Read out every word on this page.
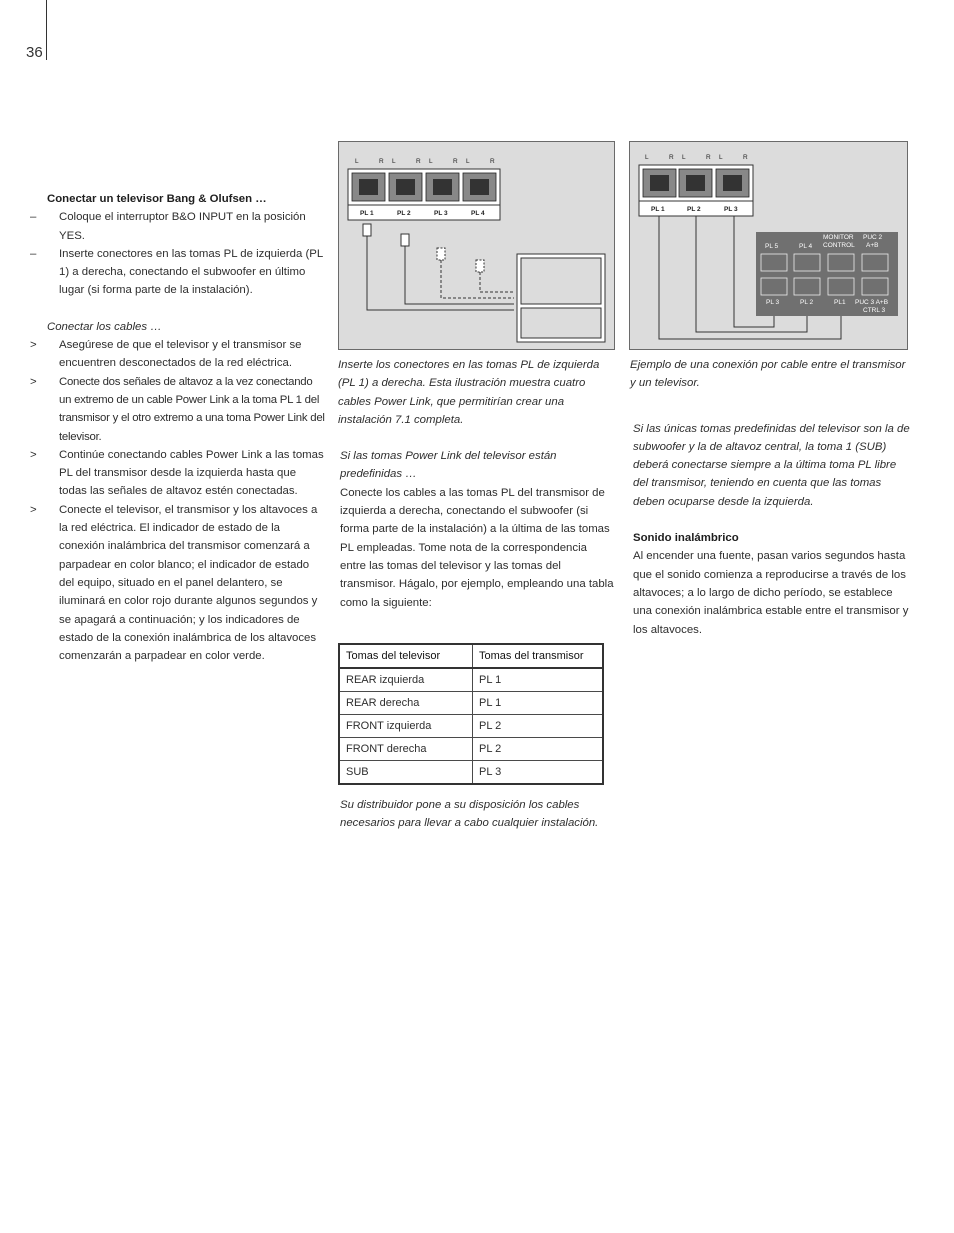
36
Conectar un televisor Bang & Olufsen …
– Coloque el interruptor B&O INPUT en la posición YES.
– Inserte conectores en las tomas PL de izquierda (PL 1) a derecha, conectando el subwoofer en último lugar (si forma parte de la instalación).
Conectar los cables …
> Asegúrese de que el televisor y el transmisor se encuentren desconectados de la red eléctrica.
> Conecte dos señales de altavoz a la vez conectando un extremo de un cable Power Link a la toma PL 1 del transmisor y el otro extremo a una toma Power Link del televisor.
> Continúe conectando cables Power Link a las tomas PL del transmisor desde la izquierda hasta que todas las señales de altavoz estén conectadas.
> Conecte el televisor, el transmisor y los altavoces a la red eléctrica. El indicador de estado de la conexión inalámbrica del transmisor comenzará a parpadear en color blanco; el indicador de estado del equipo, situado en el panel delantero, se iluminará en color rojo durante algunos segundos y se apagará a continuación; y los indicadores de estado de la conexión inalámbrica de los altavoces comenzarán a parpadear en color verde.
L	R L	R L	R L	R
PL 1	PL 2	PL 3	PL 4
L	R L	R L	R
PL 1	PL 2	PL 3
PL 5	PL 4
MONITOR
CONTROL
PUC 2
A+B
PL 3	PL 2	PL1 PUC 3 A+B
CTRL 3
Inserte los conectores en las tomas PL de izquierda (PL 1) a derecha. Esta ilustración muestra cuatro cables Power Link, que permitirían crear una instalación 7.1 completa.
Si las tomas Power Link del televisor están predefinidas …
Conecte los cables a las tomas PL del transmisor de izquierda a derecha, conectando el subwoofer (si forma parte de la instalación) a la última de las tomas PL empleadas. Tome nota de la correspondencia entre las tomas del televisor y las tomas del transmisor. Hágalo, por ejemplo, empleando una tabla como la siguiente:
Tomas del televisor	Tomas del transmisor
REAR izquierda	PL 1
REAR derecha	PL 1
FRONT izquierda	PL 2
FRONT derecha	PL 2
SUB	PL 3
Su distribuidor pone a su disposición los cables necesarios para llevar a cabo cualquier instalación.
Ejemplo de una conexión por cable entre el transmisor y un televisor.
Si las únicas tomas predefinidas del televisor son la de subwoofer y la de altavoz central, la toma 1 (SUB) deberá conectarse siempre a la última toma PL libre del transmisor, teniendo en cuenta que las tomas deben ocuparse desde la izquierda.
Sonido inalámbrico
Al encender una fuente, pasan varios segundos hasta que el sonido comienza a reproducirse a través de los altavoces; a lo largo de dicho período, se establece una conexión inalámbrica estable entre el transmisor y los altavoces.
